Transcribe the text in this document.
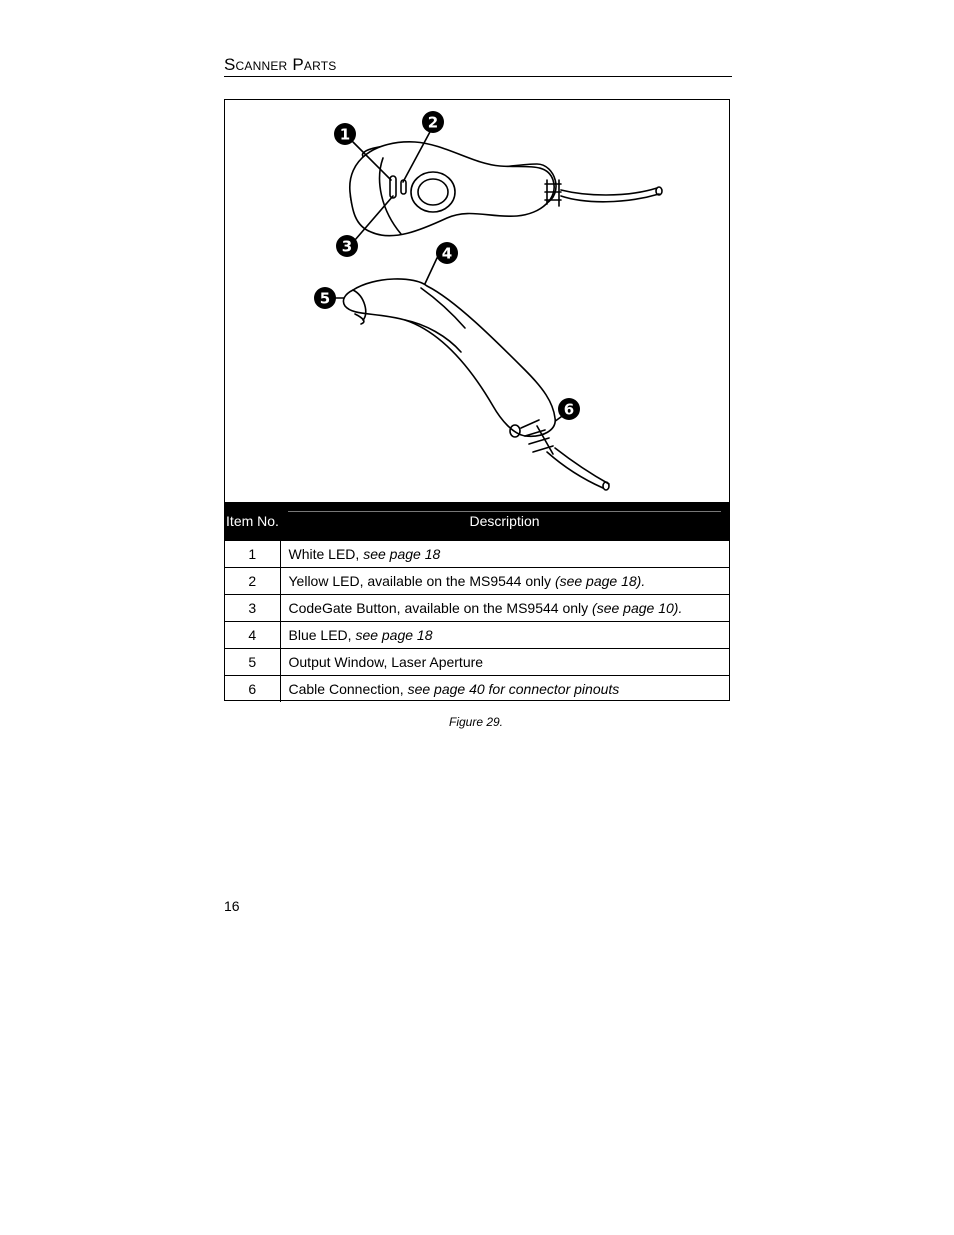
Scanner Parts
1
2
3	4
5
6
Item No.	Description
1	White LED, see page 18
2	Yellow LED, available on the MS9544 only (see page 18).
3	CodeGate Button, available on the MS9544 only (see page 10).
4	Blue LED, see page 18
5	Output Window, Laser Aperture
6	Cable Connection, see page 40 for connector pinouts
Figure 29.
16
